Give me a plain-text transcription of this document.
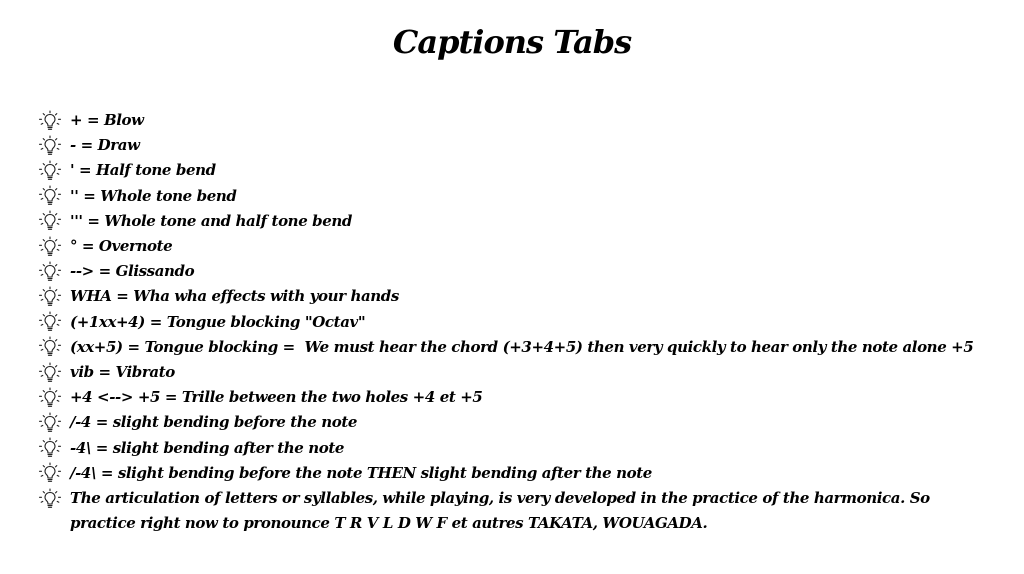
Captions Tabs
+ = Blow
- = Draw
' = Half tone bend
'' = Whole tone bend
''' = Whole tone and half tone bend
° = Overnote
--> = Glissando
WHA = Wha wha effects with your hands
(+1xx+4) = Tongue blocking "Octav"
(xx+5) = Tongue blocking =  We must hear the chord (+3+4+5) then very quickly to hear only the note alone +5
vib = Vibrato
+4 <--> +5 = Trille between the two holes +4 et +5
/-4 = slight bending before the note
-4\ = slight bending after the note
/-4\ = slight bending before the note THEN slight bending after the note
The articulation of letters or syllables, while playing, is very developed in the practice of the harmonica. So practice right now to pronounce T R V L D W F et autres TAKATA, WOUAGADA.
